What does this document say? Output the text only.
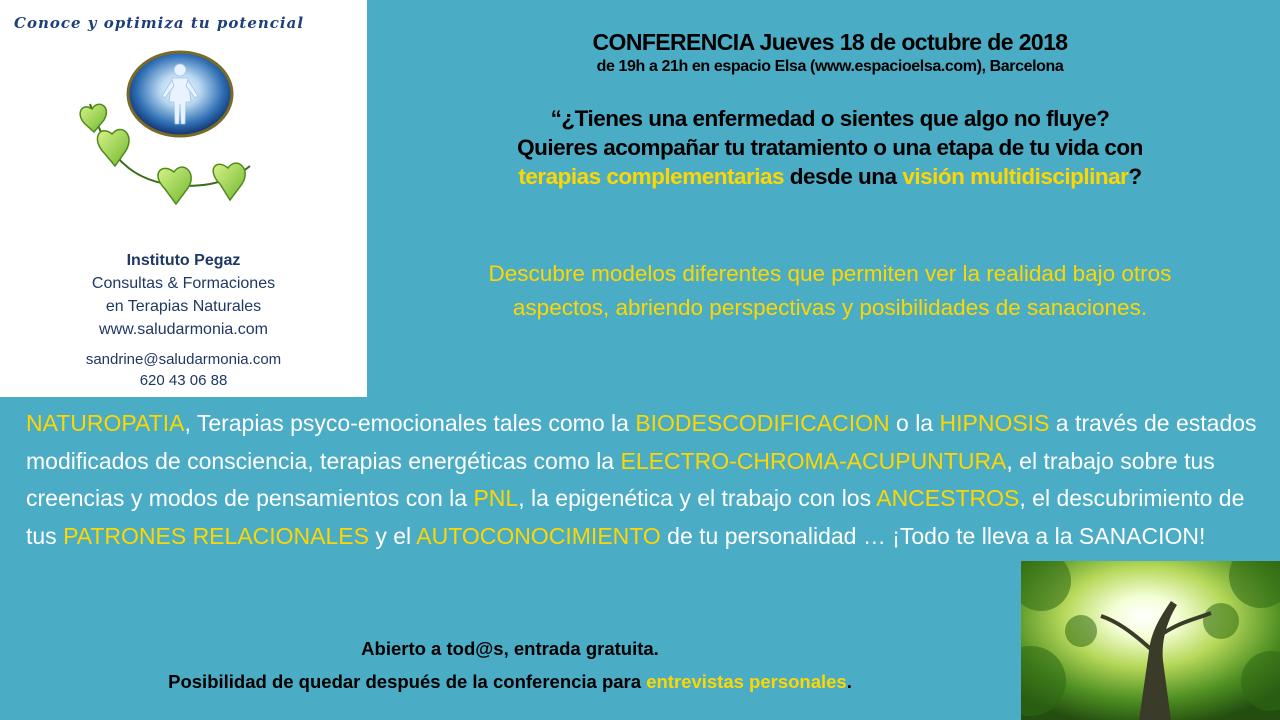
Conoce y optimiza tu potencial
Instituto Pegaz
Consultas & Formaciones
en Terapias Naturales
www.saludarmonia.com
sandrine@saludarmonia.com
620 43 06 88
CONFERENCIA Jueves 18 de octubre de 2018
de 19h a 21h en espacio Elsa (www.espacioelsa.com), Barcelona
“¿Tienes una enfermedad o sientes que algo no fluye?
Quieres acompañar tu tratamiento o una etapa de tu vida con
terapias complementarias desde una visión multidisciplinar?
Descubre modelos diferentes que permiten ver la realidad bajo otros
aspectos, abriendo perspectivas y posibilidades de sanaciones.
NATUROPATIA, Terapias psyco-emocionales tales como la BIODESCODIFICACION o la HIPNOSIS a través de estados modificados de consciencia, terapias energéticas como la ELECTRO-CHROMA-ACUPUNTURA, el trabajo sobre tus creencias y modos de pensamientos con la PNL, la epigenética y el trabajo con los ANCESTROS, el descubrimiento de tus PATRONES RELACIONALES y el AUTOCONOCIMIENTO de tu personalidad … ¡Todo te lleva a la SANACION!
Abierto a tod@s, entrada gratuita.
Posibilidad de quedar después de la conferencia para entrevistas personales.
